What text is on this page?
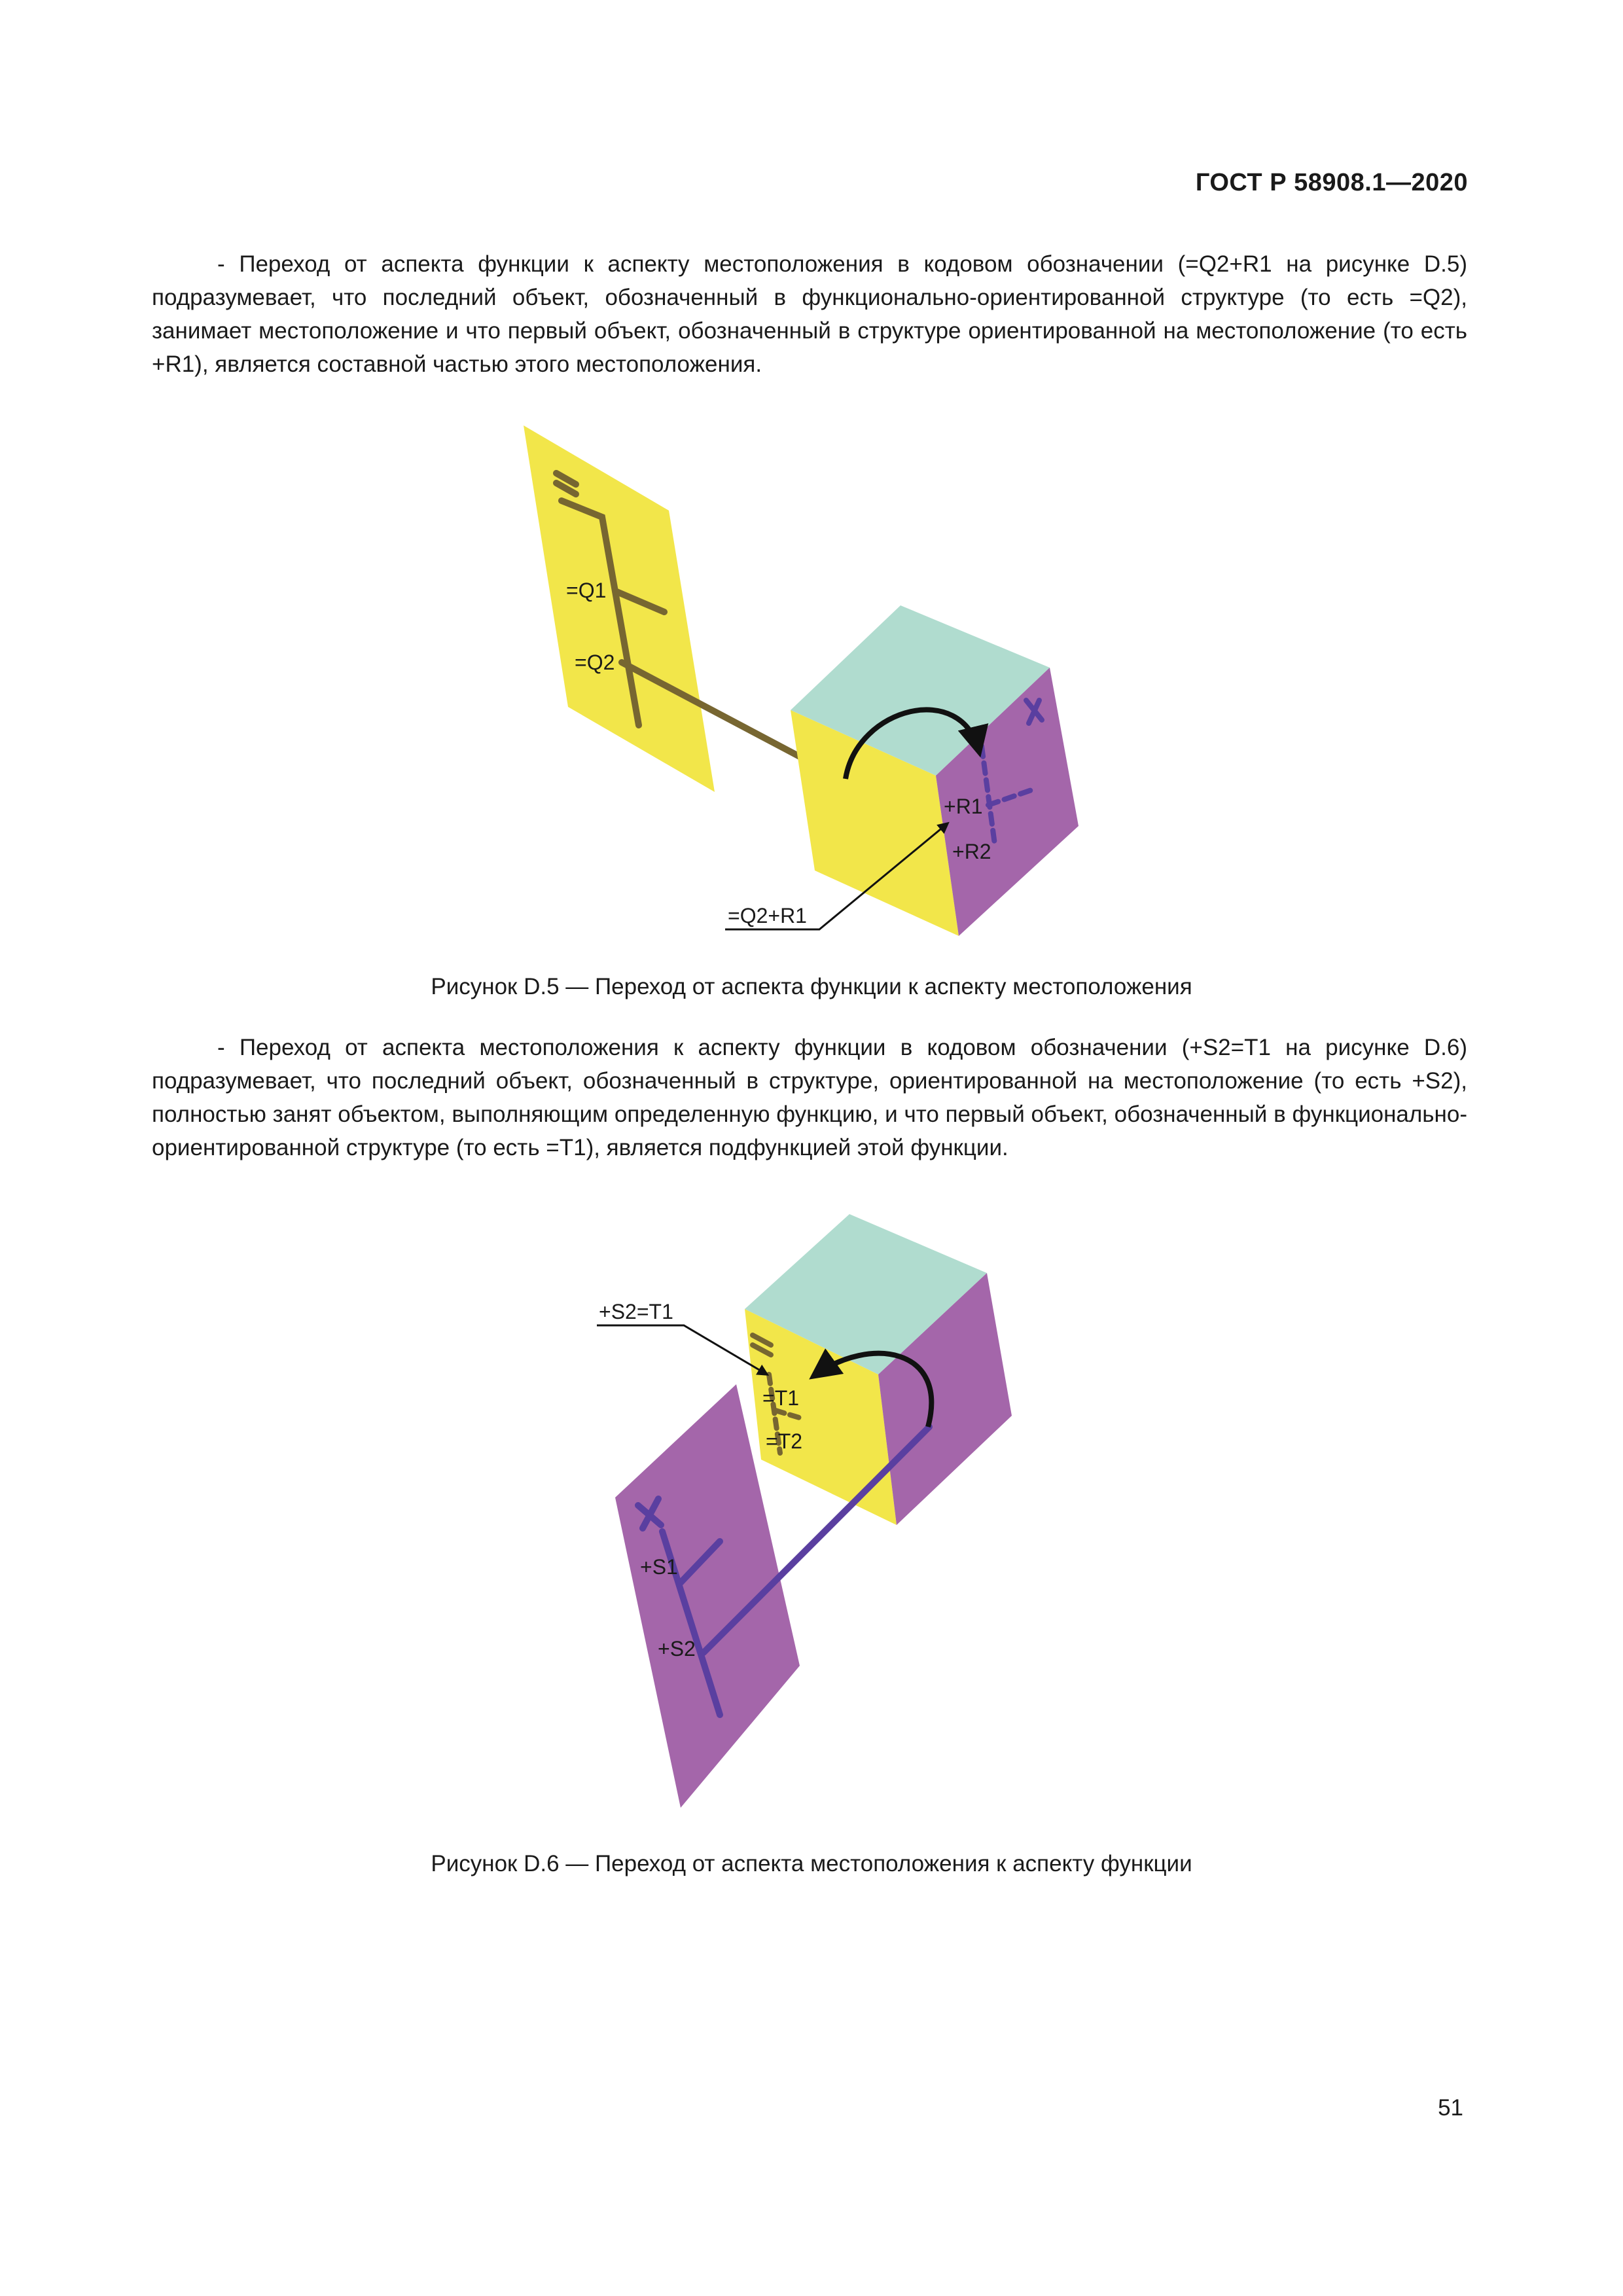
ГОСТ Р 58908.1—2020

- Переход от аспекта функции к аспекту местоположения в кодовом обозначении (=Q2+R1 на рисунке D.5) подразумевает, что последний объект, обозначенный в функционально-ориентированной структуре (то есть =Q2), занимает местоположение и что первый объект, обозначенный в структуре ориентированной на местоположение (то есть +R1), является составной частью этого местоположения.

=Q1
=Q2
+R1
+R2
=Q2+R1

Рисунок D.5 — Переход от аспекта функции к аспекту местоположения

- Переход от аспекта местоположения к аспекту функции в кодовом обозначении (+S2=T1 на рисунке D.6) подразумевает, что последний объект, обозначенный в структуре, ориентированной на местоположение (то есть +S2), полностью занят объектом, выполняющим определенную функцию, и что первый объект, обозначенный в функционально-ориентированной структуре (то есть =T1), является подфункцией этой функции.

+S2=T1
=T1
=T2
+S1
+S2

Рисунок D.6 — Переход от аспекта местоположения к аспекту функции

51
